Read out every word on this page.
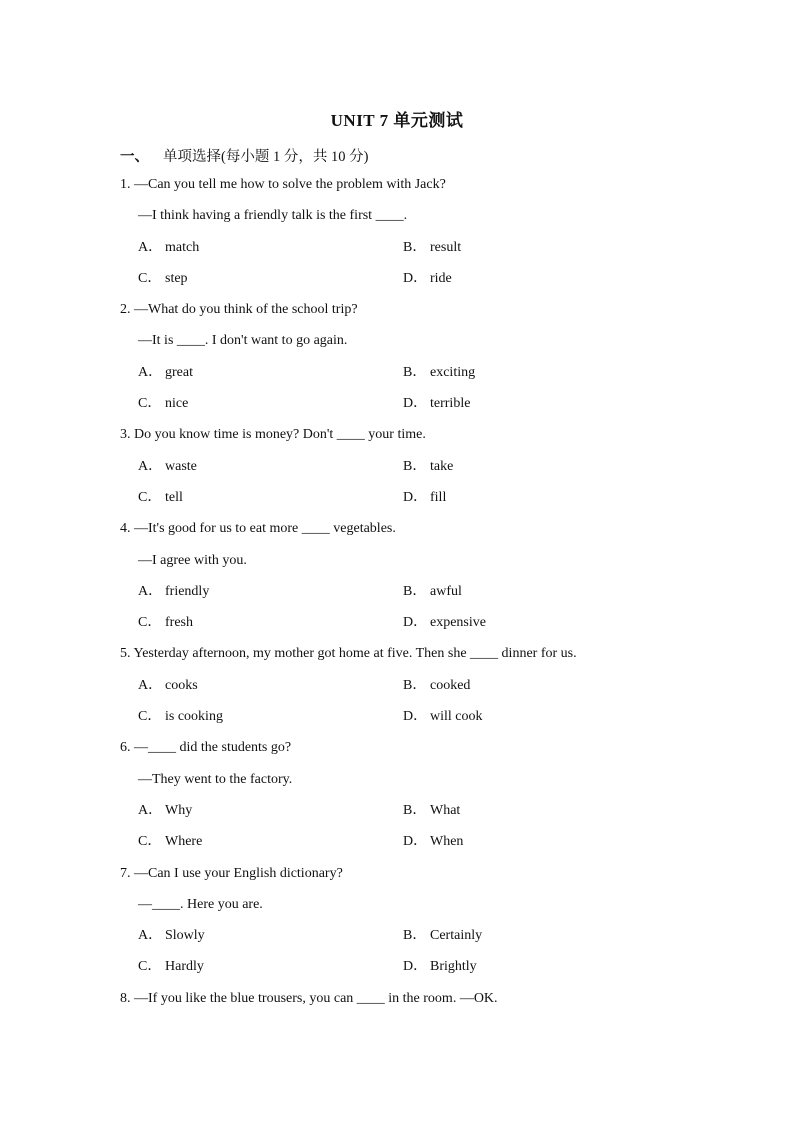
UNIT 7 单元测试
一、 单项选择(每小题 1 分，共 10 分)
1. —Can you tell me how to solve the problem with Jack?
—I think having a friendly talk is the first ____.
A． match	B． result
C． step	D． ride
2. —What do you think of the school trip?
—It is ____. I don't want to go again.
A． great	B． exciting
C． nice	D． terrible
3. Do you know time is money? Don't ____ your time.
A． waste	B． take
C． tell	D． fill
4. —It's good for us to eat more ____ vegetables.
—I agree with you.
A． friendly	B． awful
C． fresh	D． expensive
5. Yesterday afternoon, my mother got home at five. Then she ____ dinner for us.
A． cooks	B． cooked
C． is cooking	D． will cook
6. —____ did the students go?
—They went to the factory.
A． Why	B． What
C． Where	D． When
7. —Can I use your English dictionary?
—____. Here you are.
A． Slowly	B． Certainly
C． Hardly	D． Brightly
8. —If you like the blue trousers, you can ____ in the room. —OK.
